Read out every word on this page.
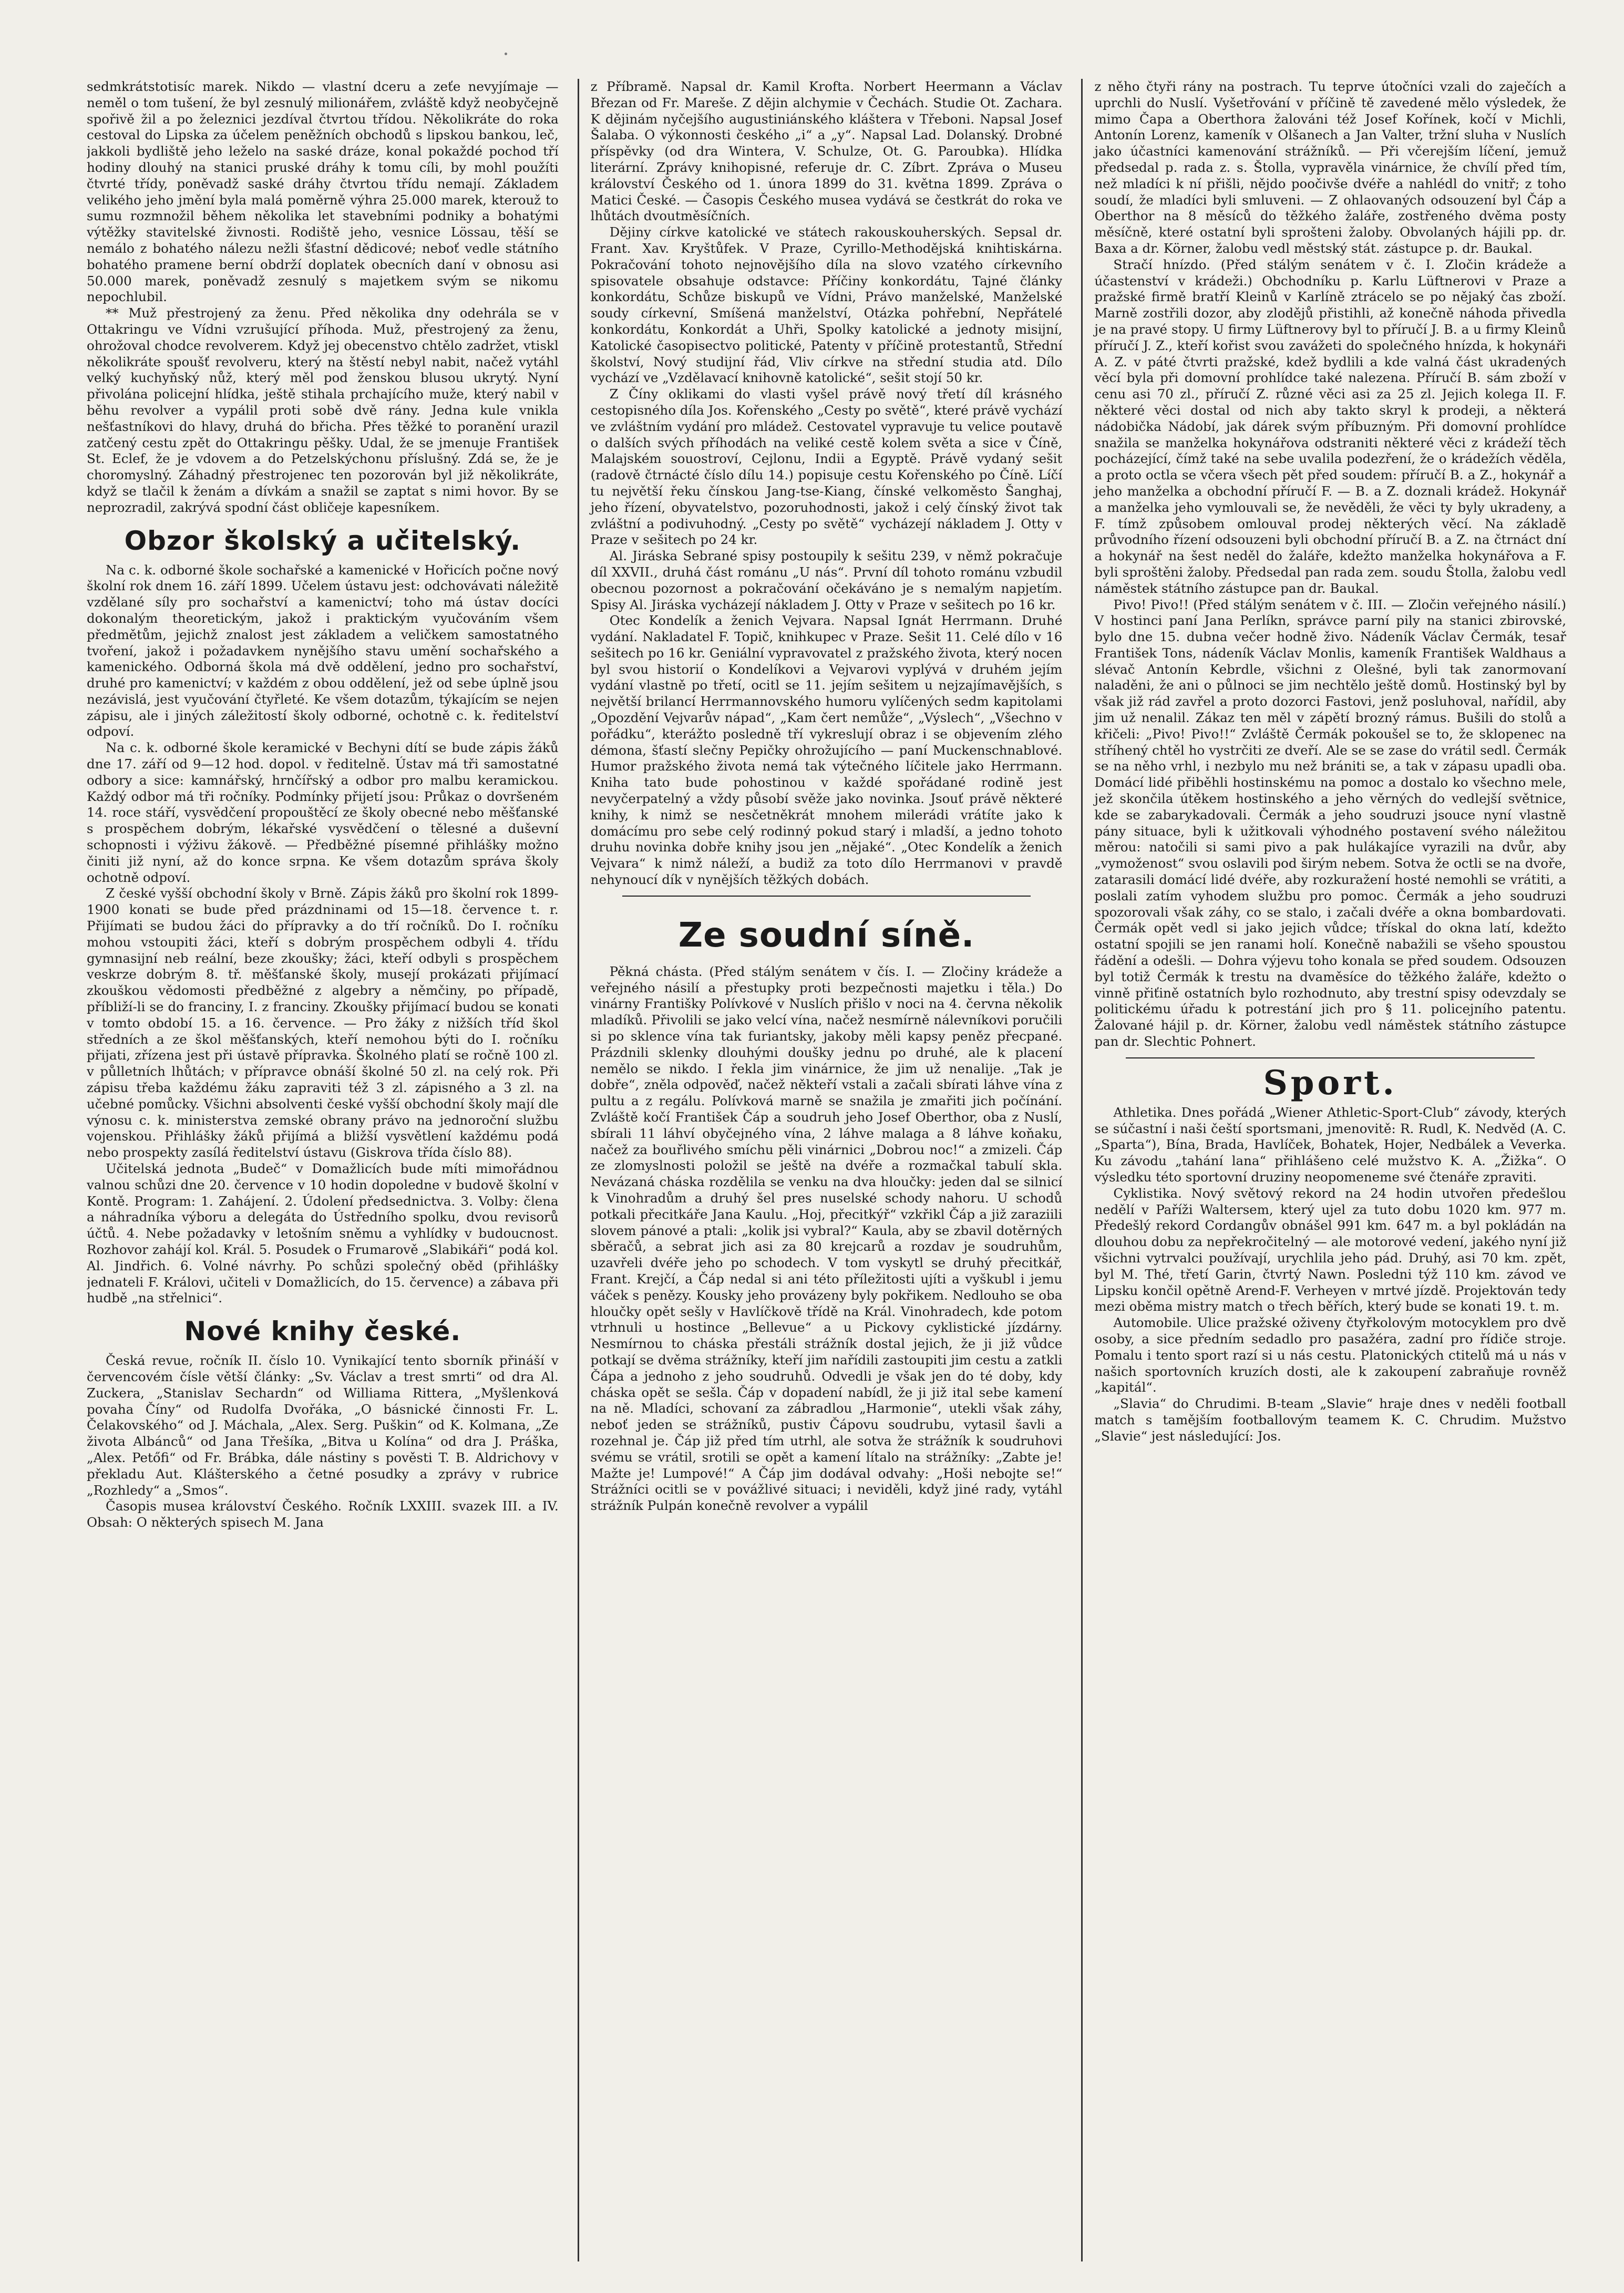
sedmkrátstotisíc marek. Nikdo — vlastní dceru a zeťe nevyjímaje — neměl o tom tušení, že byl zesnulý milionářem, zvláště když neobyčejně spořivě žil a po železnici jezdíval čtvrtou třídou. Několikráte do roka cestoval do Lipska za účelem peněžních obchodů s lipskou bankou, leč, jakkoli bydliště jeho leželo na saské dráze, konal pokaždé pochod tří hodiny dlouhý na stanici pruské dráhy k tomu cíli, by mohl použíti čtvrté třídy, poněvadž saské dráhy čtvrtou třídu nemají. Základem velikého jeho jmění byla malá poměrně výhra 25.000 marek, kterouž to sumu rozmnožil během několika let stavebními podniky a bohatými výtěžky stavitelské živnosti. Rodiště jeho, vesnice Lössau, těší se nemálo z bohatého nálezu nežli šťastní dědicové; neboť vedle státního bohatého pramene berní obdrží doplatek obecních daní v obnosu asi 50.000 marek, poněvadž zesnulý s majetkem svým se nikomu nepochlubil.

** Muž přestrojený za ženu. Před několika dny odehrála se v Ottakringu ve Vídni vzrušující příhoda. Muž, přestrojený za ženu, ohrožoval chodce revolverem. Když jej obecenstvo chtělo zadržet, vtiskl několikráte spoušť revolveru, který na štěstí nebyl nabit, načež vytáhl velký kuchyňský nůž, který měl pod ženskou blusou ukrytý. Nyní přivolána policejní hlídka, ještě stihala prchajícího muže, který nabil v běhu revolver a vypálil proti sobě dvě rány. Jedna kule vnikla nešťastníkovi do hlavy, druhá do břicha. Přes těžké to poranění urazil zatčený cestu zpět do Ottakringu pěšky. Udal, že se jmenuje František St. Eclef, že je vdovem a do Petzelskýchonu příslušný. Zdá se, že je choromyslný. Záhadný přestrojenec ten pozorován byl již několikráte, když se tlačil k ženám a dívkám a snažil se zaptat s nimi hovor. By se neprozradil, zakrývá spodní část obličeje kapesníkem.

Obzor školský a učitelský.

Na c. k. odborné škole sochařské a kamenické v Hořicích počne nový školní rok dnem 16. září 1899. Učelem ústavu jest: odchovávati náležitě vzdělané síly pro sochařství a kamenictví; toho má ústav docíci dokonalým theoretickým, jakož i praktickým vyučováním všem předmětům, jejichž znalost jest základem a veličkem samostatného tvoření, jakož i požadavkem nynějšího stavu umění sochařského a kamenického. Odborná škola má dvě oddělení, jedno pro sochařství, druhé pro kamenictví; v každém z obou oddělení, jež od sebe úplně jsou nezávislá, jest vyučování čtyřleté. Ke všem dotazům, týkajícím se nejen zápisu, ale i jiných záležitostí školy odborné, ochotně c. k. ředitelství odpoví.

Na c. k. odborné škole keramické v Bechyni dítí se bude zápis žáků dne 17. září od 9—12 hod. dopol. v ředitelně. Ústav má tři samostatné odbory a sice: kamnářský, hrnčířský a odbor pro malbu keramickou. Každý odbor má tři ročníky. Podmínky přijetí jsou: Průkaz o dovršeném 14. roce stáří, vysvědčení propouštěcí ze školy obecné nebo měšťanské s prospěchem dobrým, lékařské vysvědčení o tělesné a duševní schopnosti i výživu žákově. — Předběžné písemné přihlášky možno činiti již nyní, až do konce srpna. Ke všem dotazům správa školy ochotně odpoví.

Z české vyšší obchodní školy v Brně. Zápis žáků pro školní rok 1899-1900 konati se bude před prázdninami od 15—18. července t. r. Přijímati se budou žáci do přípravky a do tří ročníků. Do I. ročníku mohou vstoupiti žáci, kteří s dobrým prospěchem odbyli 4. třídu gymnasijní neb reální, beze zkoušky; žáci, kteří odbyli s prospěchem veskrze dobrým 8. tř. měšťanské školy, musejí prokázati přijímací zkouškou vědomosti předběžné z algebry a němčiny, po případě, příbliží-li se do franciny, I. z franciny. Zkoušky přijímací budou se konati v tomto období 15. a 16. července. — Pro žáky z nižších tříd škol středních a ze škol měšťanských, kteří nemohou býti do I. ročníku přijati, zřízena jest při ústavě přípravka. Školného platí se ročně 100 zl. v půlletních lhůtách; v přípravce obnáší školné 50 zl. na celý rok. Při zápisu třeba každému žáku zapraviti též 3 zl. zápisného a 3 zl. na učebné pomůcky. Všichni absolventi české vyšší obchodní školy mají dle výnosu c. k. ministerstva zemské obrany právo na jednoroční službu vojenskou. Přihlášky žáků přijímá a bližší vysvětlení každému podá nebo prospekty zasílá ředitelství ústavu (Giskrova třída číslo 88).

Učitelská jednota „Budeč“ v Domažlicích bude míti mimořádnou valnou schůzi dne 20. července v 10 hodin dopoledne v budově školní v Kontě. Program: 1. Zahájení. 2. Údolení předsednictva. 3. Volby: člena a náhradníka výboru a delegáta do Ústředního spolku, dvou revisorů účtů. 4. Nebe požadavky v letošním sněmu a vyhlídky v budoucnost. Rozhovor zahájí kol. Král. 5. Posudek o Frumarově „Slabikáři“ podá kol. Al. Jindřich. 6. Volné návrhy. Po schůzi společný oběd (přihlášky jednateli F. Královi, učiteli v Domažlicích, do 15. července) a zábava při hudbě „na střelnici“.

Nové knihy české.

Česká revue, ročník II. číslo 10. Vynikající tento sborník přináší v červencovém čísle větší články: „Sv. Václav a trest smrti“ od dra Al. Zuckera, „Stanislav Sechardn“ od Williama Rittera, „Myšlenková povaha Číny“ od Rudolfa Dvořáka, „O básnické činnosti Fr. L. Čelakovského“ od J. Máchala, „Alex. Serg. Puškin“ od K. Kolmana, „Ze života Albánců“ od Jana Třešíka, „Bitva u Kolína“ od dra J. Práška, „Alex. Petőfi“ od Fr. Brábka, dále nástiny s pověsti T. B. Aldrichovy v překladu Aut. Klášterského a četné posudky a zprávy v rubrice „Rozhledy“ a „Smos“.

Časopis musea království Českého. Ročník LXXIII. svazek III. a IV. Obsah: O některých spisech M. Jana

z Příbramě. Napsal dr. Kamil Krofta. Norbert Heermann a Václav Březan od Fr. Mareše. Z dějin alchymie v Čechách. Studie Ot. Zachara. K dějinám nyčejšího augustiniánského kláštera v Třeboni. Napsal Josef Šalaba. O výkonnosti českého „i“ a „y“. Napsal Lad. Dolanský. Drobné příspěvky (od dra Wintera, V. Schulze, Ot. G. Paroubka). Hlídka literární. Zprávy knihopisné, referuje dr. C. Zíbrt. Zpráva o Museu království Českého od 1. února 1899 do 31. května 1899. Zpráva o Matici České. — Časopis Českého musea vydává se čestkrát do roka ve lhůtách dvoutměsíčních.

Dějiny církve katolické ve státech rakouskouherských. Sepsal dr. Frant. Xav. Kryštůfek. V Praze, Cyrillo-Methodějská knihtiskárna. Pokračování tohoto nejnovějšího díla na slovo vzatého církevního spisovatele obsahuje odstavce: Příčiny konkordátu, Tajné články konkordátu, Schůze biskupů ve Vídni, Právo manželské, Manželské soudy církevní, Smíšená manželství, Otázka pohřební, Nepřátelé konkordátu, Konkordát a Uhři, Spolky katolické a jednoty misijní, Katolické časopisectvo politické, Patenty v příčině protestantů, Střední školství, Nový studijní řád, Vliv církve na střední studia atd. Dílo vychází ve „Vzdělavací knihovně katolické“, sešit stojí 50 kr.

Z Číny oklikami do vlasti vyšel právě nový třetí díl krásného cestopisného díla Jos. Kořenského „Cesty po světě“, které právě vychází ve zvláštním vydání pro mládež. Cestovatel vypravuje tu velice poutavě o dalších svých příhodách na veliké cestě kolem světa a sice v Číně, Malajském souostroví, Cejlonu, Indii a Egyptě. Právě vydaný sešit (radově čtrnácté číslo dílu 14.) popisuje cestu Kořenského po Číně. Líčí tu největší řeku čínskou Jang-tse-Kiang, čínské velkoměsto Šanghaj, jeho řízení, obyvatelstvo, pozoruhodnosti, jakož i celý čínský život tak zvláštní a podivuhodný. „Cesty po světě“ vycházejí nákladem J. Otty v Praze v sešitech po 24 kr.

Al. Jiráska Sebrané spisy postoupily k sešitu 239, v němž pokračuje díl XXVII., druhá část románu „U nás“. První díl tohoto románu vzbudil obecnou pozornost a pokračování očekáváno je s nemalým napjetím. Spisy Al. Jiráska vycházejí nákladem J. Otty v Praze v sešitech po 16 kr.

Otec Kondelík a ženich Vejvara. Napsal Ignát Herrmann. Druhé vydání. Nakladatel F. Topič, knihkupec v Praze. Sešit 11. Celé dílo v 16 sešitech po 16 kr. Geniální vypravovatel z pražského života, který nocen byl svou historií o Kondelíkovi a Vejvarovi vyplývá v druhém jejím vydání vlastně po třetí, ocitl se 11. jejím sešitem u nejzajímavějších, s největší brilancí Herrmannovského humoru vylíčených sedm kapitolami „Opozdění Vejvarův nápad“, „Kam čert nemůže“, „Výslech“, „Všechno v pořádku“, kterážto posledně tří vykreslují obraz i se objevením zlého démona, šťastí slečny Pepičky ohrožujícího — paní Muckenschnablové. Humor pražského života nemá tak výtečného líčitele jako Herrmann. Kniha tato bude pohostinou v každé spořádané rodině jest nevyčerpatelný a vždy působí svěže jako novinka. Jsouť právě některé knihy, k nimž se nesčetněkrát mnohem milerádi vrátíte jako k domácímu pro sebe celý rodinný pokud starý i mladší, a jedno tohoto druhu novinka dobře knihy jsou jen „nějaké“. „Otec Kondelík a ženich Vejvara“ k nimž náleží, a budiž za toto dílo Herrmanovi v pravdě nehynoucí dík v nynějších těžkých dobách.

Ze soudní síně.

Pěkná chásta. (Před stálým senátem v čís. I. — Zločiny krádeže a veřejného násilí a přestupky proti bezpečnosti majetku i těla.) Do vinárny Františky Polívkové v Nuslích přišlo v noci na 4. června několik mladíků. Přivolili se jako velcí vína, načež nesmírně nálevníkovi poručili si po sklence vína tak furiantsky, jakoby měli kapsy peněz přecpané. Prázdnili sklenky dlouhými doušky jednu po druhé, ale k placení nemělo se nikdo. I řekla jim vinárnice, že jim už nenalije. „Tak je dobře“, zněla odpověď, načež někteří vstali a začali sbírati láhve vína z pultu a z regálu. Polívková marně se snažila je zmařiti jich počínání. Zvláště kočí František Čáp a soudruh jeho Josef Oberthor, oba z Nuslí, sbírali 11 láhví obyčejného vína, 2 láhve malaga a 8 láhve koňaku, načež za bouřlivého smíchu pěli vinárnici „Dobrou noc!“ a zmizeli. Čáp ze zlomyslnosti položil se ještě na dvéře a rozmačkal tabulí skla. Nevázaná cháska rozdělila se venku na dva hloučky: jeden dal se silnicí k Vinohradům a druhý šel pres nuselské schody nahoru. U schodů potkali přecitkáře Jana Kaulu. „Hoj, přecitkýř“ vzkřikl Čáp a již zaraziili slovem pánové a ptali: „kolik jsi vybral?“ Kaula, aby se zbavil dotěrných sběračů, a sebrat jich asi za 80 krejcarů a rozdav je soudruhům, uzavřeli dvéře jeho po schodech. V tom vyskytl se druhý přecitkář, Frant. Krejčí, a Čáp nedal si ani této příležitosti ujíti a vyškubl i jemu váček s penězy. Kousky jeho provázeny byly pokřikem. Nedlouho se oba hloučky opět sešly v Havlíčkově třídě na Král. Vinohradech, kde potom vtrhnuli u hostince „Bellevue“ a u Pickovy cyklistické jízdárny. Nesmírnou to cháska přestáli strážník dostal jejich, že ji již vůdce potkají se dvěma strážníky, kteří jim nařídili zastoupiti jim cestu a zatkli Čápa a jednoho z jeho soudruhů. Odvedli je však jen do té doby, kdy cháska opět se sešla. Čáp v dopadení nabídl, že ji již ital sebe kamení na ně. Mladíci, schovaní za zábradlou „Harmonie“, utekli však záhy, neboť jeden se strážníků, pustiv Čápovu soudrubu, vytasil šavli a rozehnal je. Čáp již před tím utrhl, ale sotva že strážník k soudruhovi svému se vrátil, srotili se opět a kamení lítalo na strážníky: „Zabte je! Mažte je! Lumpové!“ A Čáp jim dodával odvahy: „Hoši nebojte se!“ Strážníci ocitli se v povážlivé situaci; i neviděli, když jiné rady, vytáhl strážník Pulpán konečně revolver a vypálil

z něho čtyři rány na postrach. Tu teprve útočníci vzali do zaječích a uprchli do Nuslí. Vyšetřování v příčině tě zavedené mělo výsledek, že mimo Čapa a Oberthora žalováni též Josef Kořínek, kočí v Michli, Antonín Lorenz, kameník v Olšanech a Jan Valter, tržní sluha v Nuslích jako účastníci kamenování strážníků. — Při včerejším líčení, jemuž předsedal p. rada z. s. Štolla, vypravěla vinárnice, že chvílí před tím, než mladíci k ní přišli, nějdo poočivše dvéře a nahlédl do vnitř; z toho soudí, že mladíci byli smluveni. — Z ohlaovaných odsouzení byl Čáp a Oberthor na 8 měsíců do těžkého žaláře, zostřeného dvěma posty měsíčně, které ostatní byli sprošteni žaloby. Obvolaných hájili pp. dr. Baxa a dr. Körner, žalobu vedl městský stát. zástupce p. dr. Baukal.

Stračí hnízdo. (Před stálým senátem v č. I. Zločin krádeže a účastenství v krádeži.) Obchodníku p. Karlu Lüftnerovi v Praze a pražské firmě bratří Kleinů v Karlíně ztrácelo se po nějaký čas zboží. Marně zostřili dozor, aby zlodějů přistihli, až konečně náhoda přivedla je na pravé stopy. U firmy Lüftnerovy byl to příručí J. B. a u firmy Kleinů příručí J. Z., kteří kořist svou zavážeti do společného hnízda, k hokynáři A. Z. v páté čtvrti pražské, kdež bydlili a kde valná část ukradených věcí byla při domovní prohlídce také nalezena. Příručí B. sám zboží v cenu asi 70 zl., příručí Z. různé věci asi za 25 zl. Jejich kolega II. F. některé věci dostal od nich aby takto skryl k prodeji, a některá nádobička Nádobí, jak dárek svým příbuzným. Při domovní prohlídce snažila se manželka hokynářova odstraniti některé věci z krádeží těch pocházející, čímž také na sebe uvalila podezření, že o krádežích věděla, a proto octla se včera všech pět před soudem: příručí B. a Z., hokynář a jeho manželka a obchodní příručí F. — B. a Z. doznali krádež. Hokynář a manželka jeho vymlouvali se, že nevěděli, že věci ty byly ukradeny, a F. tímž způsobem omlouval prodej některých věcí. Na základě průvodního řízení odsouzeni byli obchodní příručí B. a Z. na čtrnáct dní a hokynář na šest neděl do žaláře, kdežto manželka hokynářova a F. byli sproštěni žaloby. Předsedal pan rada zem. soudu Štolla, žalobu vedl náměstek státního zástupce pan dr. Baukal.

Pivo! Pivo!! (Před stálým senátem v č. III. — Zločin veřejného násilí.) V hostinci paní Jana Perlíkn, správce parní pily na stanici zbirovské, bylo dne 15. dubna večer hodně živo. Nádeník Václav Čermák, tesař František Tons, nádeník Václav Monlis, kameník František Waldhaus a slévač Antonín Kebrdle, všichni z Olešné, byli tak zanormovaní naladěni, že ani o půlnoci se jim nechtělo ještě domů. Hostinský byl by však již rád zavřel a proto dozorci Fastovi, jenž posluhoval, nařídil, aby jim už nenalil. Zákaz ten měl v zápětí brozný rámus. Bušili do stolů a křičeli: „Pivo! Pivo!!“ Zvláště Čermák pokoušel se to, že sklopenec na stříhený chtěl ho vystrčiti ze dveří. Ale se se zase do vrátil sedl. Čermák se na něho vrhl, i nezbylo mu než brániti se, a tak v zápasu upadli oba. Domácí lidé přiběhli hostinskému na pomoc a dostalo ko všechno mele, jež skončila útěkem hostinského a jeho věrných do vedlejší světnice, kde se zabarykadovali. Čermák a jeho soudruzi jsouce nyní vlastně pány situace, byli k užitkovali výhodného postavení svého náležitou měrou: natočili si sami pivo a pak hulákajíce vyrazili na dvůr, aby „vymoženost“ svou oslavili pod širým nebem. Sotva že octli se na dvoře, zatarasili domácí lidé dvéře, aby rozkuražení hosté nemohli se vrátiti, a poslali zatím vyhodem službu pro pomoc. Čermák a jeho soudruzi spozorovali však záhy, co se stalo, i začali dvéře a okna bombardovati. Čermák opět vedl si jako jejich vůdce; třískal do okna latí, kdežto ostatní spojili se jen ranami holí. Konečně nabažili se všeho spoustou řádění a odešli. — Dohra výjevu toho konala se před soudem. Odsouzen byl totiž Čermák k trestu na dvaměsíce do těžkého žaláře, kdežto o vinně přiťině ostatních bylo rozhodnuto, aby trestní spisy odevzdaly se politickému úřadu k potrestání jich pro § 11. policejního patentu. Žalované hájil p. dr. Körner, žalobu vedl náměstek státního zástupce pan dr. Slechtic Pohnert.

Sport.

Athletika. Dnes pořádá „Wiener Athletic-Sport-Club“ závody, kterých se súčastní i naši čeští sportsmani, jmenovitě: R. Rudl, K. Nedvěd (A. C. „Sparta“), Bína, Brada, Havlíček, Bohatek, Hojer, Nedbálek a Veverka. Ku závodu „tahání lana“ přihlášeno celé mužstvo K. A. „Žižka“. O výsledku této sportovní druziny neopomeneme své čtenáře zpraviti.

Cyklistika. Nový světový rekord na 24 hodin utvořen předešlou nedělí v Paříži Waltersem, který ujel za tuto dobu 1020 km. 977 m. Předešlý rekord Cordangův obnášel 991 km. 647 m. a byl pokládán na dlouhou dobu za nepřekročitelný — ale motorové vedení, jakého nyní již všichni vytrvalci používají, urychlila jeho pád. Druhý, asi 70 km. zpět, byl M. Thé, třetí Garin, čtvrtý Nawn. Posledni týž 110 km. závod ve Lipsku končil opětně Arend-F. Verheyen v mrtvé jízdě. Projektován tedy mezi oběma mistry match o třech běřích, který bude se konati 19. t. m.

Automobile. Ulice pražské oživeny čtyřkolovým motocyklem pro dvě osoby, a sice předním sedadlo pro pasažéra, zadní pro řídiče stroje. Pomalu i tento sport razí si u nás cestu. Platonických ctitelů má u nás v našich sportovních kruzích dosti, ale k zakoupení zabraňuje rovněž „kapitál“.

„Slavia“ do Chrudimi. B-team „Slavie“ hraje dnes v neděli football match s tamějším footballovým teamem K. C. Chrudim. Mužstvo „Slavie“ jest následující: Jos.
